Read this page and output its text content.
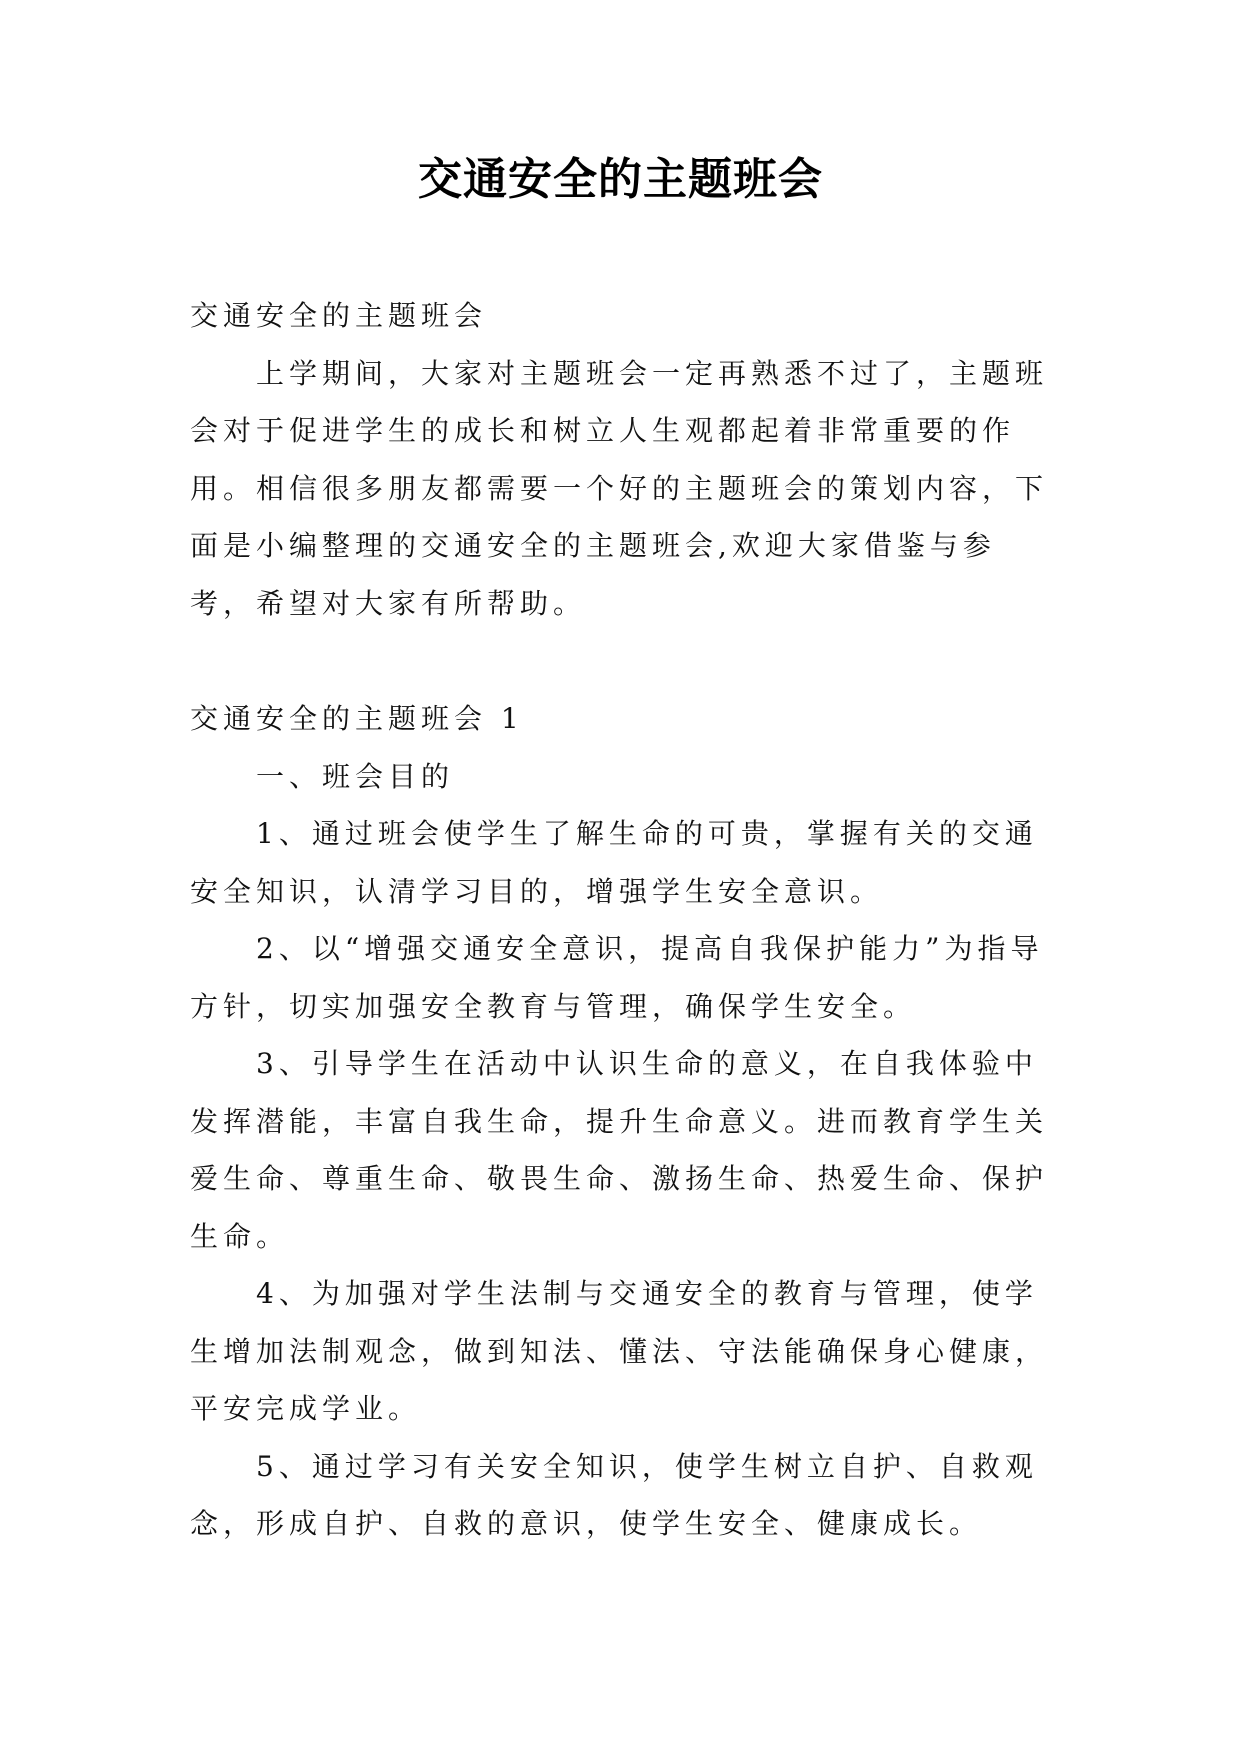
交通安全的主题班会

交通安全的主题班会

上学期间，大家对主题班会一定再熟悉不过了，主题班会对于促进学生的成长和树立人生观都起着非常重要的作用。相信很多朋友都需要一个好的主题班会的策划内容，下面是小编整理的交通安全的主题班会,欢迎大家借鉴与参考，希望对大家有所帮助。

交通安全的主题班会 1

一、班会目的

1、通过班会使学生了解生命的可贵，掌握有关的交通安全知识，认清学习目的，增强学生安全意识。

2、以“增强交通安全意识，提高自我保护能力”为指导方针，切实加强安全教育与管理，确保学生安全。

3、引导学生在活动中认识生命的意义，在自我体验中发挥潜能，丰富自我生命，提升生命意义。进而教育学生关爱生命、尊重生命、敬畏生命、激扬生命、热爱生命、保护生命。

4、为加强对学生法制与交通安全的教育与管理，使学生增加法制观念，做到知法、懂法、守法能确保身心健康，平安完成学业。

5、通过学习有关安全知识，使学生树立自护、自救观念，形成自护、自救的意识，使学生安全、健康成长。
